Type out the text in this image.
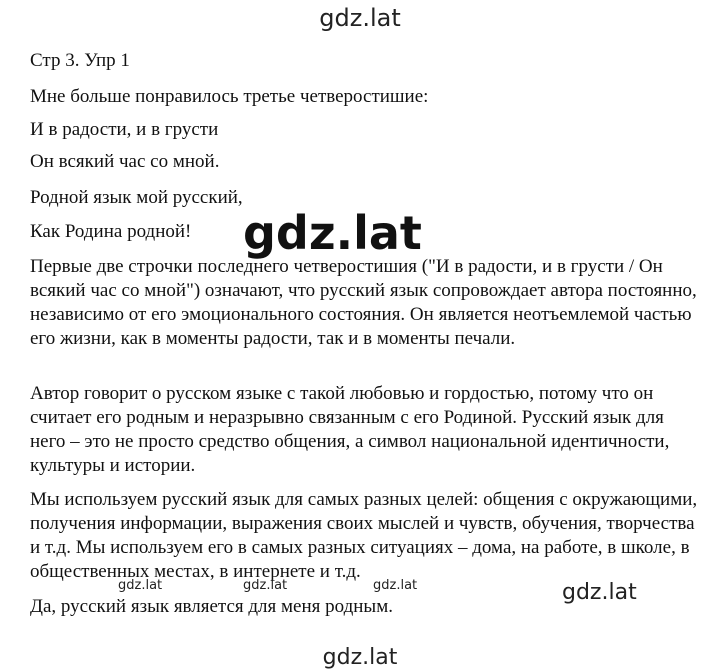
gdz.lat

Стр 3. Упр 1

Мне больше понравилось третье четверостишие:

И в радости, и в грусти

Он всякий час со мной.

Родной язык мой русский,

Как Родина родной!	gdz.lat

Первые две строчки последнего четверостишия ("И в радости, и в грусти / Он всякий час со мной") означают, что русский язык сопровождает автора постоянно, независимо от его эмоционального состояния. Он является неотъемлемой частью его жизни, как в моменты радости, так и в моменты печали.

Автор говорит о русском языке с такой любовью и гордостью, потому что он считает его родным и неразрывно связанным с его Родиной. Русский язык для него – это не просто средство общения, а символ национальной идентичности, культуры и истории.

Мы используем русский язык для самых разных целей: общения с окружающими, получения информации, выражения своих мыслей и чувств, обучения, творчества и т.д. Мы используем его в самых разных ситуациях – дома, на работе, в школе, в общественных местах, в интернете и т.д.

gdz.lat	gdz.lat	gdz.lat	gdz.lat

Да, русский язык является для меня родным.

gdz.lat
